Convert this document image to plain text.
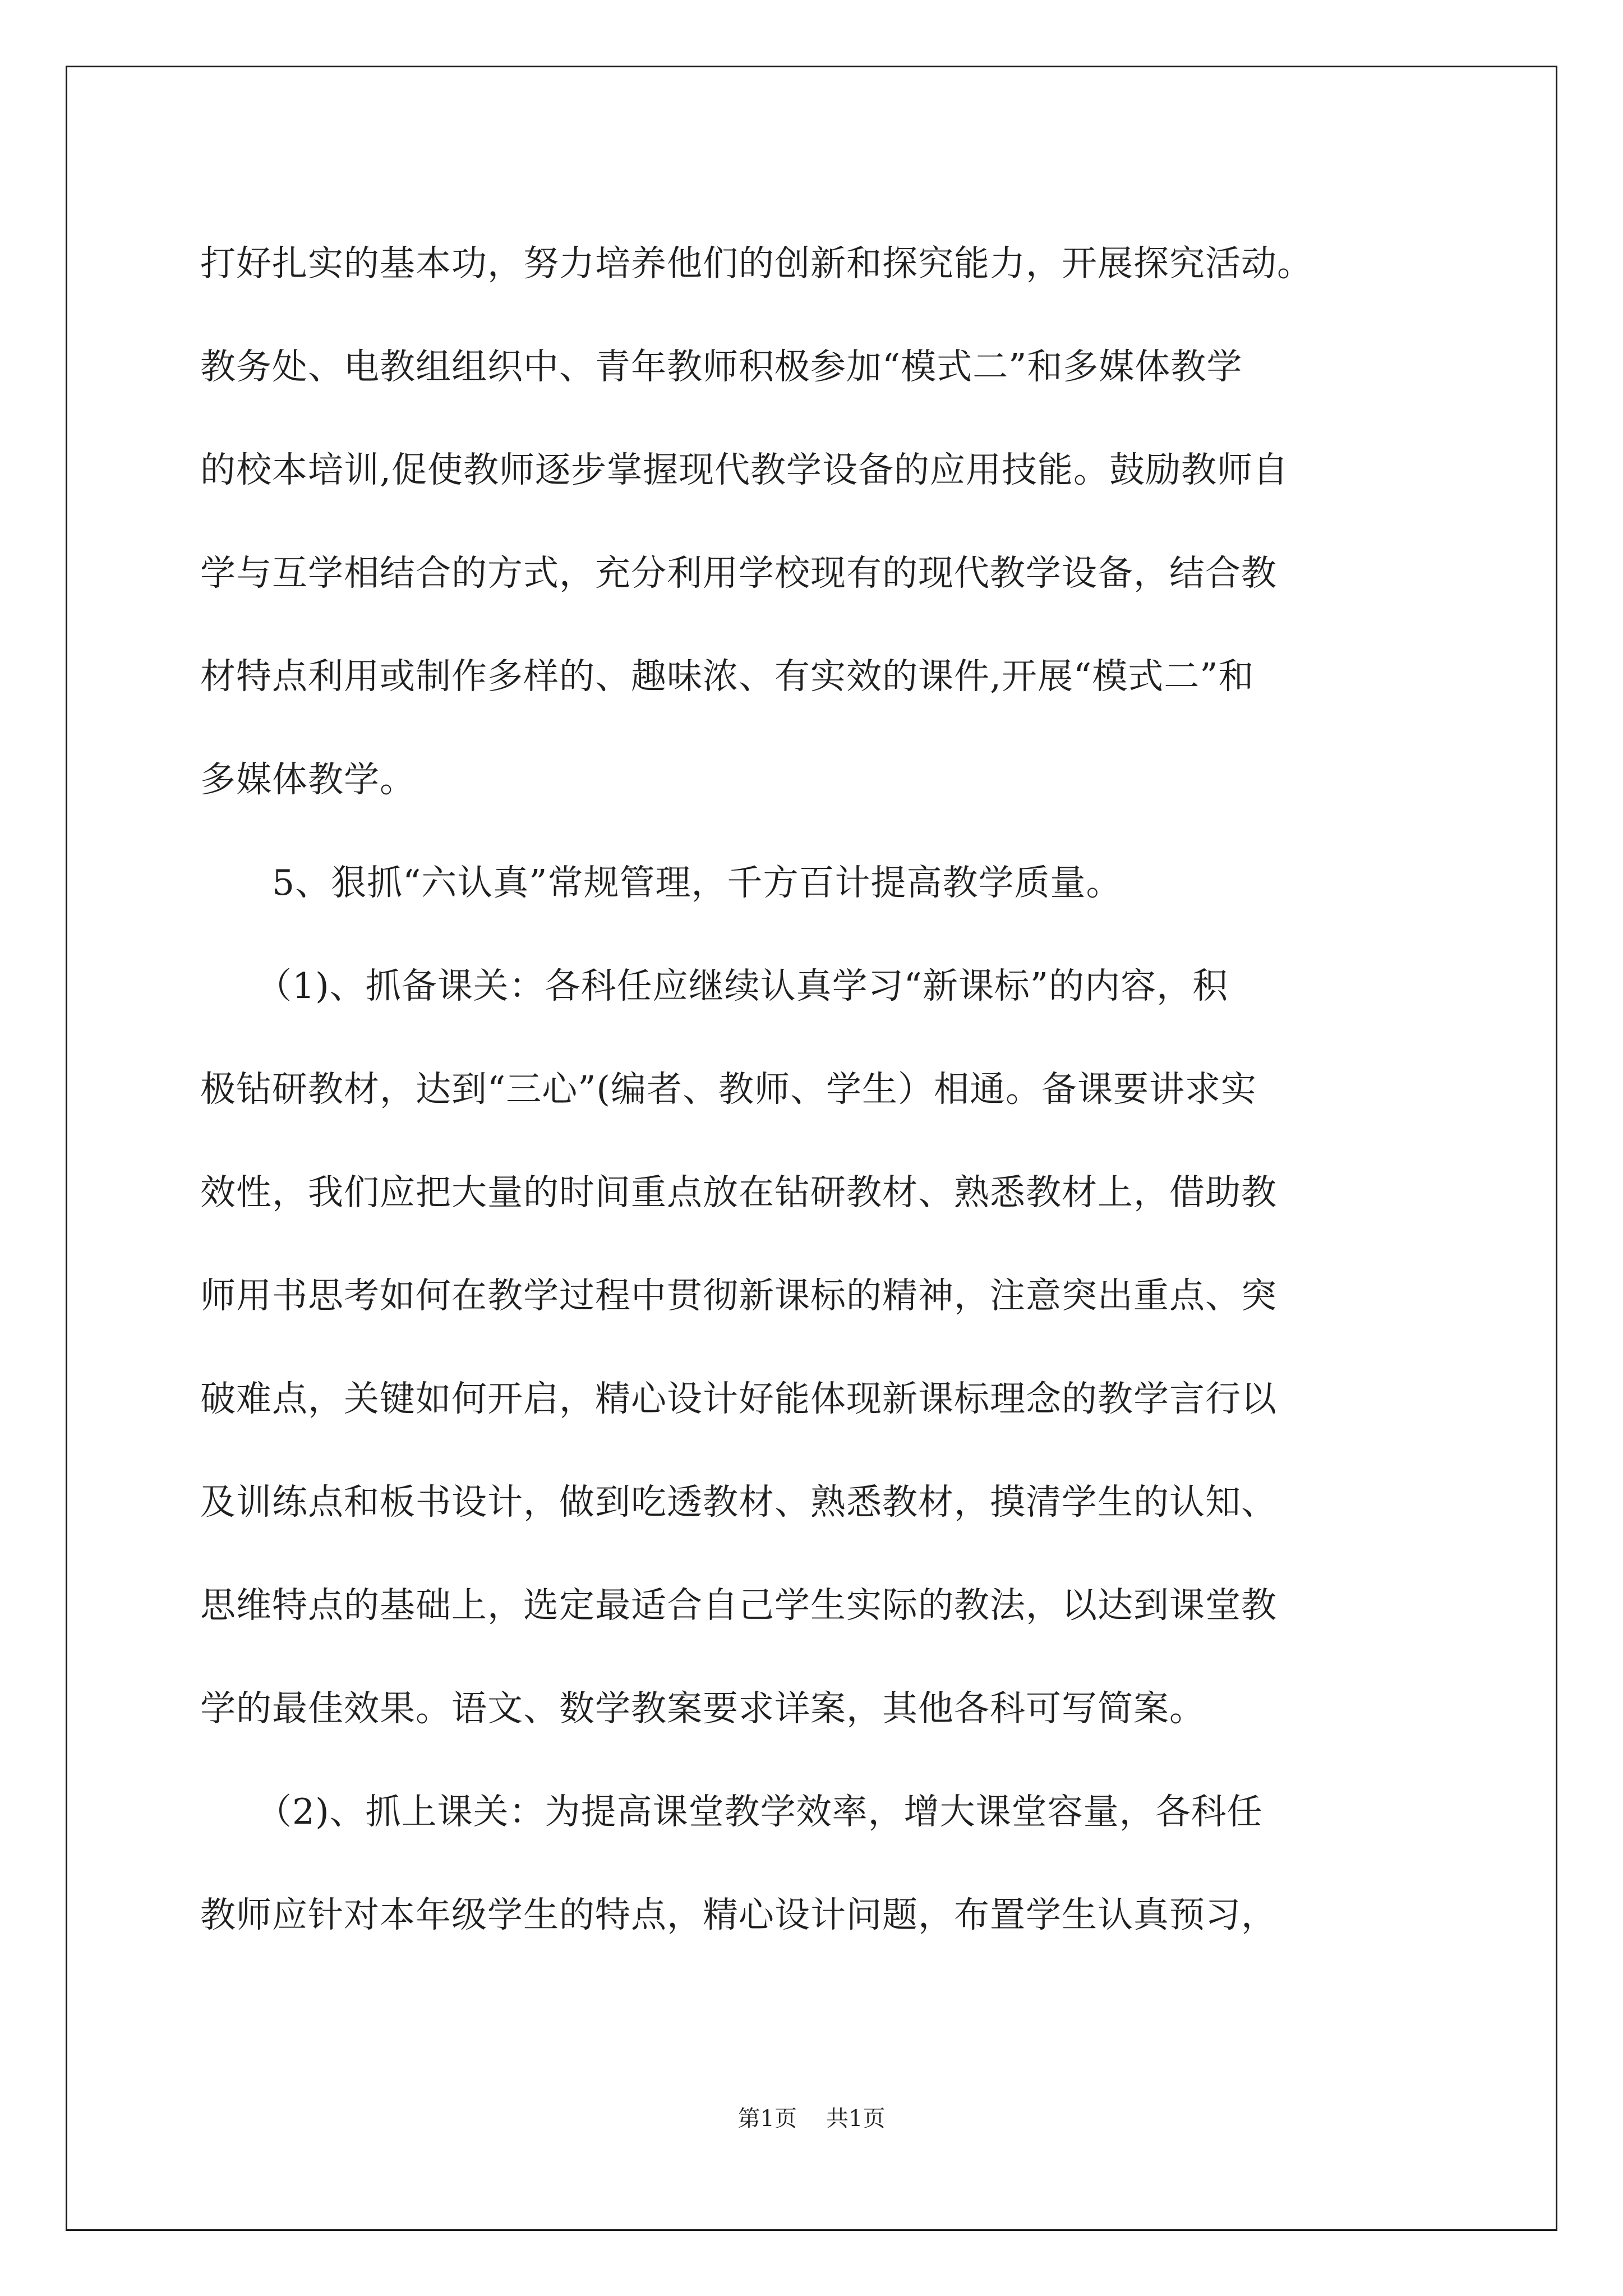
打好扎实的基本功，努力培养他们的创新和探究能力，开展探究活动。
教务处、电教组组织中、青年教师积极参加“模式二”和多媒体教学
的校本培训,促使教师逐步掌握现代教学设备的应用技能。鼓励教师自
学与互学相结合的方式，充分利用学校现有的现代教学设备，结合教
材特点利用或制作多样的、趣味浓、有实效的课件,开展“模式二”和
多媒体教学。
5、狠抓“六认真”常规管理，千方百计提高教学质量。
（1)、抓备课关：各科任应继续认真学习“新课标”的内容，积
极钻研教材，达到“三心”(编者、教师、学生）相通。备课要讲求实
效性，我们应把大量的时间重点放在钻研教材、熟悉教材上，借助教
师用书思考如何在教学过程中贯彻新课标的精神，注意突出重点、突
破难点，关键如何开启，精心设计好能体现新课标理念的教学言行以
及训练点和板书设计，做到吃透教材、熟悉教材，摸清学生的认知、
思维特点的基础上，选定最适合自己学生实际的教法，以达到课堂教
学的最佳效果。语文、数学教案要求详案，其他各科可写简案。
（2)、抓上课关：为提高课堂教学效率，增大课堂容量，各科任
教师应针对本年级学生的特点，精心设计问题，布置学生认真预习，
第1页 共1页
